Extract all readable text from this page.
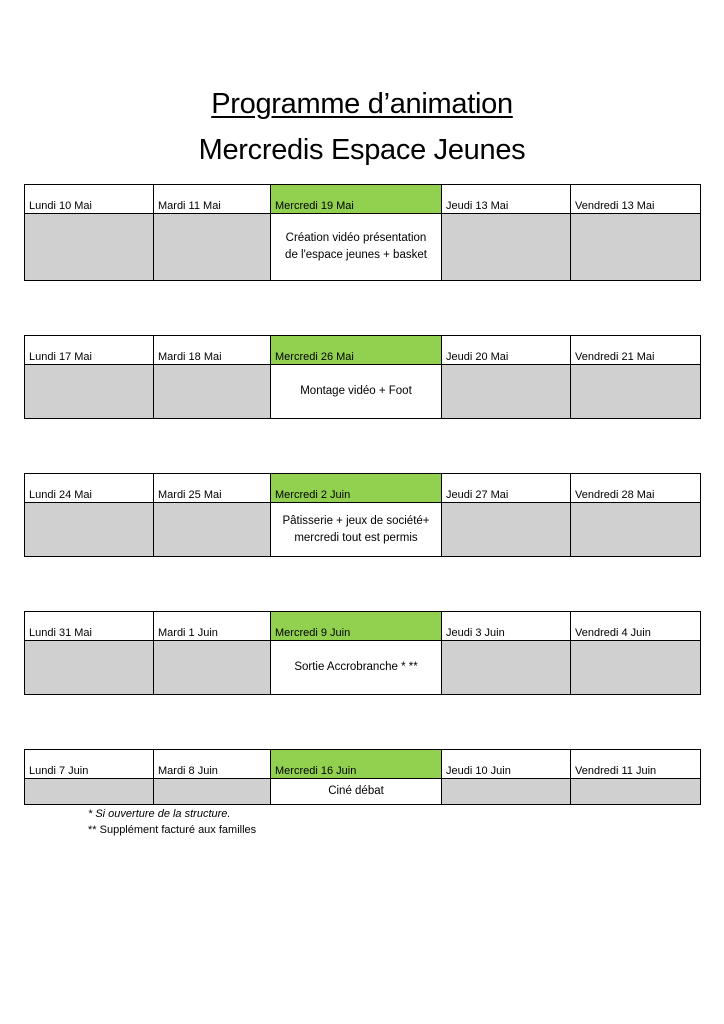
Programme d’animation
Mercredis Espace Jeunes
Lundi 10 Mai	Mardi 11 Mai	Mercredi 19 Mai	Jeudi 13 Mai	Vendredi 13 Mai

		Création vidéo présentation
de l'espace jeunes + basket		

Lundi 17 Mai	Mardi 18 Mai	Mercredi 26 Mai	Jeudi 20 Mai	Vendredi 21 Mai

		Montage vidéo + Foot		

Lundi 24 Mai	Mardi 25 Mai	Mercredi 2 Juin	Jeudi 27 Mai	Vendredi 28 Mai

		Pâtisserie + jeux de société+
mercredi tout est permis		

Lundi 31 Mai	Mardi 1 Juin	Mercredi 9 Juin	Jeudi 3 Juin	Vendredi 4 Juin

		Sortie Accrobranche * **		

Lundi 7 Juin	Mardi 8 Juin	Mercredi 16 Juin	Jeudi 10 Juin	Vendredi 11 Juin

		Ciné débat		

* Si ouverture de la structure.
** Supplément facturé aux familles
